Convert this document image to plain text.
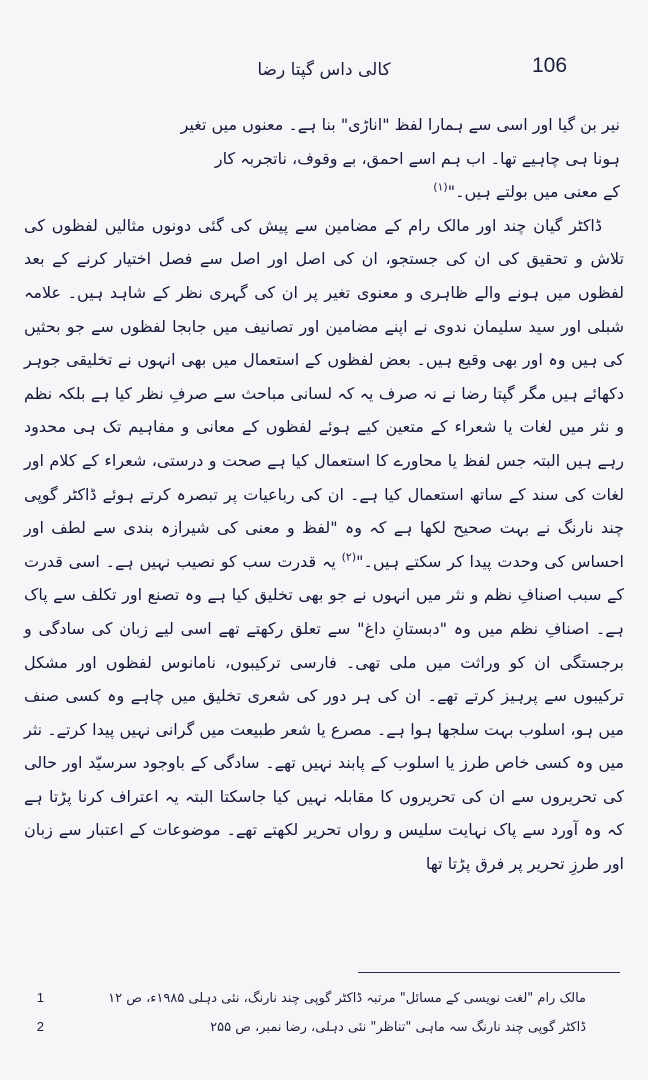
106
کالی داس گپتا رضا
نیر بن گیا اور اسی سے ہمارا لفظ "اناڑی" بنا ہے۔ معنوں میں تغیر
ہونا ہی چاہیے تھا۔ اب ہم اسے احمق، بے وقوف، ناتجربہ کار
کے معنی میں بولتے ہیں۔"$^{(۱)}$
ڈاکٹر گیان چند اور مالک رام کے مضامین سے پیش کی گئی دونوں مثالیں لفظوں کی تلاش و تحقیق کی ان کی جستجو، ان کی اصل اور اصل سے فصل اختیار کرنے کے بعد لفظوں میں ہونے والے ظاہری و معنوی تغیر پر ان کی گہری نظر کے شاہد ہیں۔ علامہ شبلی اور سید سلیمان ندوی نے اپنے مضامین اور تصانیف میں جابجا لفظوں سے جو بحثیں کی ہیں وہ اور بھی وقیع ہیں۔ بعض لفظوں کے استعمال میں بھی انہوں نے تخلیقی جوہر دکھائے ہیں مگر گپتا رضا نے نہ صرف یہ کہ لسانی مباحث سے صرفِ نظر کیا ہے بلکہ نظم و نثر میں لغات یا شعراء کے متعین کیے ہوئے لفظوں کے معانی و مفاہیم تک ہی محدود رہے ہیں البتہ جس لفظ یا محاورے کا استعمال کیا ہے صحت و درستی، شعراء کے کلام اور لغات کی سند کے ساتھ استعمال کیا ہے۔ ان کی رباعیات پر تبصرہ کرتے ہوئے ڈاکٹر گوپی چند نارنگ نے بہت صحیح لکھا ہے کہ وہ "لفظ و معنی کی شیرازہ بندی سے لطف اور احساس کی وحدت پیدا کر سکتے ہیں۔"$^{(۲)}$ یہ قدرت سب کو نصیب نہیں ہے۔ اسی قدرت کے سبب اصنافِ نظم و نثر میں انہوں نے جو بھی تخلیق کیا ہے وہ تصنع اور تکلف سے پاک ہے۔ اصنافِ نظم میں وہ "دبستانِ داغ" سے تعلق رکھتے تھے اسی لیے زبان کی سادگی و برجستگی ان کو وراثت میں ملی تھی۔ فارسی ترکیبوں، نامانوس لفظوں اور مشکل ترکیبوں سے پرہیز کرتے تھے۔ ان کی ہر دور کی شعری تخلیق میں چاہے وہ کسی صنف میں ہو، اسلوب بہت سلجھا ہوا ہے۔ مصرع یا شعر طبیعت میں گرانی نہیں پیدا کرتے۔ نثر میں وہ کسی خاص طرز یا اسلوب کے پابند نہیں تھے۔ سادگی کے باوجود سرسیّد اور حالی کی تحریروں سے ان کی تحریروں کا مقابلہ نہیں کیا جاسکتا البتہ یہ اعتراف کرنا پڑتا ہے کہ وہ آورد سے پاک نہایت سلیس و رواں تحریر لکھتے تھے۔ موضوعات کے اعتبار سے زبان اور طرزِ تحریر پر فرق پڑتا تھا
1	مالک رام "لغت نویسی کے مسائل" مرتبہ ڈاکٹر گوپی چند نارنگ، نئی دہلی ۱۹۸۵ء، ص ۱۲
2	ڈاکٹر گوپی چند نارنگ سہ ماہی "تناظر" نئی دہلی، رضا نمبر، ص ۲۵۵
